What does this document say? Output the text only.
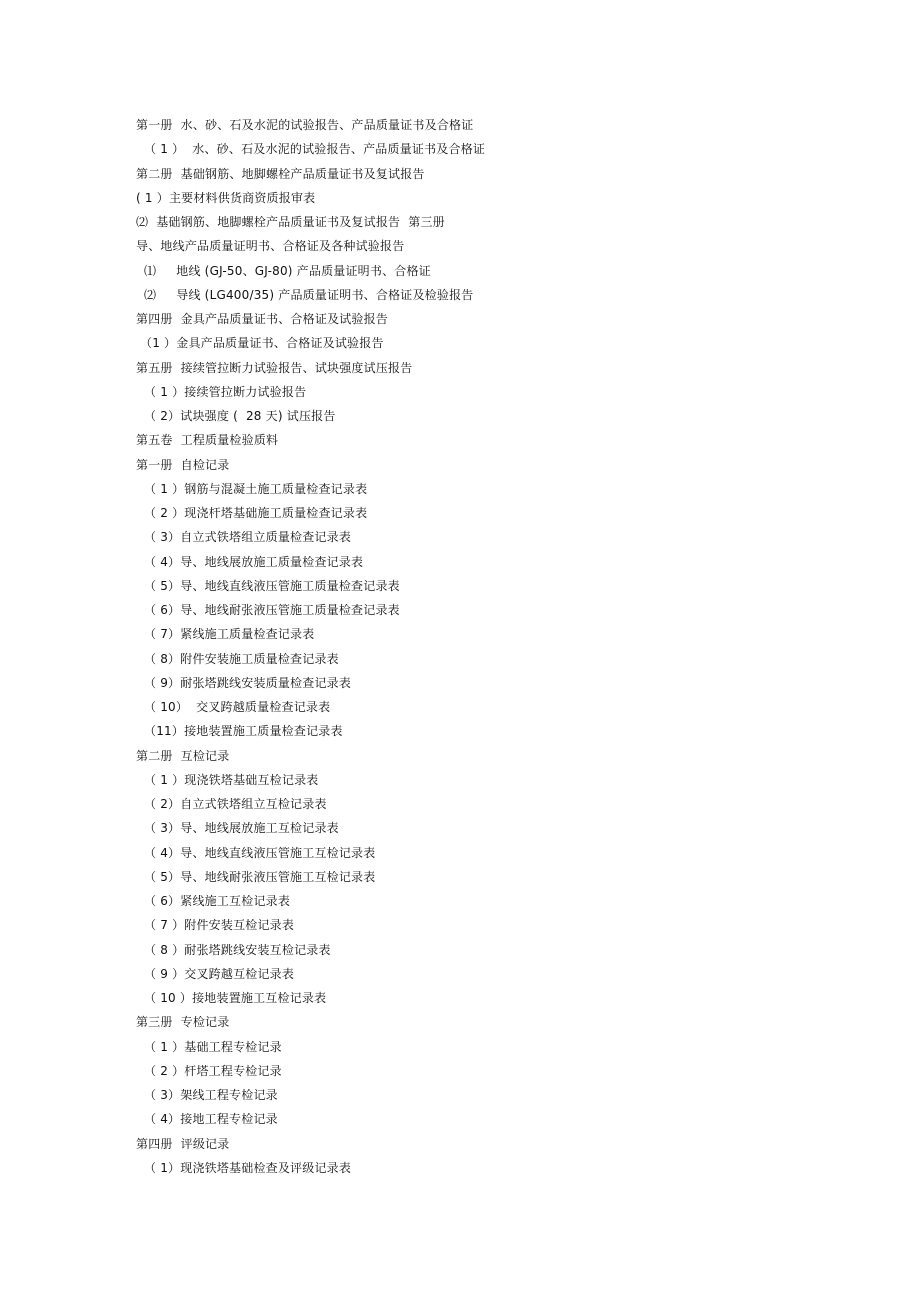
第一册  水、砂、石及水泥的试验报告、产品质量证书及合格证
（ 1 ）  水、砂、石及水泥的试验报告、产品质量证书及合格证
第二册  基础钢筋、地脚螺栓产品质量证书及复试报告
( 1 ）主要材料供货商资质报审表
⑵  基础钢筋、地脚螺栓产品质量证书及复试报告  第三册
导、地线产品质量证明书、合格证及各种试验报告
⑴     地线 (GJ-50、GJ-80) 产品质量证明书、合格证
⑵     导线 (LG400/35) 产品质量证明书、合格证及检验报告
第四册  金具产品质量证书、合格证及试验报告
（1 ）金具产品质量证书、合格证及试验报告
第五册  接续管拉断力试验报告、试块强度试压报告
（ 1 ）接续管拉断力试验报告
（ 2）试块强度 (  28 天) 试压报告
第五卷  工程质量检验质料
第一册  自检记录
（ 1 ）钢筋与混凝土施工质量检查记录表
（ 2 ）现浇杆塔基础施工质量检查记录表
（ 3）自立式铁塔组立质量检查记录表
（ 4）导、地线展放施工质量检查记录表
（ 5）导、地线直线液压管施工质量检查记录表
（ 6）导、地线耐张液压管施工质量检查记录表
（ 7）紧线施工质量检查记录表
（ 8）附件安装施工质量检查记录表
（ 9）耐张塔跳线安装质量检查记录表
（ 10）  交叉跨越质量检查记录表
（11）接地装置施工质量检查记录表
第二册  互检记录
（ 1 ）现浇铁塔基础互检记录表
（ 2）自立式铁塔组立互检记录表
（ 3）导、地线展放施工互检记录表
（ 4）导、地线直线液压管施工互检记录表
（ 5）导、地线耐张液压管施工互检记录表
（ 6）紧线施工互检记录表
（ 7 ）附件安装互检记录表
（ 8 ）耐张塔跳线安装互检记录表
（ 9 ）交叉跨越互检记录表
（ 10 ）接地装置施工互检记录表
第三册  专检记录
（ 1 ）基础工程专检记录
（ 2 ）杆塔工程专检记录
（ 3）架线工程专检记录
（ 4）接地工程专检记录
第四册  评级记录
（ 1）现浇铁塔基础检查及评级记录表
